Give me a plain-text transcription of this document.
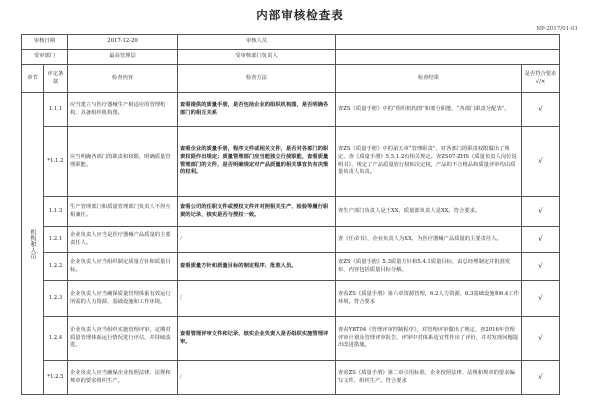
内部审核检查表
NP-2017/01-01
审核日期		2017-12-20	审核人员		
受审部门		最高管理层	受审核部门负责人		
章节	评定条款	检查内容	检查方法	检查结果	是否符合要求
√/×

机构和人员	1.1.1	应当建立与医疗器械生产相适应的管理机构，具备组织机构图。	查看提供的质量手册，是否包括企业的组织机构图，是否明确各部门的相互关系	查ZS《质量手册》中的“组织机构图”和部分职能，“各部门职责分配表”。	√
	*1.1.2	应当明确各部门的职责和权限，明确质量管理职能。	查看企业的质量手册，程序文件或相关文件，是否对各部门的职责权限作出规定；质量管理部门应当能独立行使职能，查看质量管理部门的文件，是否明确规定对产品质量的相关事宜负有决策的权利。	查ZS《质量手册》中的第五章“管理职责”，对各部门的职责权限做出了规定，查《质量手册》5.5.1.2有相关规定。查ZS07-ZHS《质量负责人岗位说明书》，规定了产品质量放行权和决定权，产品的不合格品和质量评审均由质量负责人负责。	√
	1.1.3	生产管理部门和质量管理部门负责人不得互相兼任。	查看公司的任职文件或授权文件并对照相关生产、检验等履行职责的记录，核实是否与授权一致。	查生产部门负责人是王XX，质量部负责人是XX。符合要求。	√
	1.2.1	企业负责人应当是医疗器械产品质量的主要责任人。	/	查《任命书》，企业负责人为XX，为医疗器械产品质量的主要责任人。	√
	1.2.2	企业负责人应当组织制定质量方针和质量目标。	查看质量方针和质量目标的制定程序、批准人员。	查ZS《质量手册》5.3质量方针和5.4.1质量目标，由总经理制定并批准发布，内容包括质量目标分解。	√
	1.2.3	企业负责人应当确保质量管理体系有效运行所需的人力资源、基础设施和工作环境。	/	查看ZS《质量手册》第六章资源管理，6.2人力资源，6.3基础设施和6.4工作环境。符合要求	√
	1.2.4	企业负责人应当组织实施管理评审，定期对质量管理体系运行情况进行评估，并持续改进。	查看管理评审文件和记录，核实企业负责人是否组织实施管理评审。	查看YBT04《管理评审控制程序》，对管理评审做出了规定，查2016年管理评审计划及管理评审报告，评审中对体系适宜性作出了评价，并对发现问题提出改进措施。	√
	*1.2.5	企业负责人应当确保企业按照法律、法规和规章的要求组织生产。	/	查看ZS《质量手册》第二章引用标准，企业按照法律、法规和规章的要求编写文件，组织生产。符合要求	√
